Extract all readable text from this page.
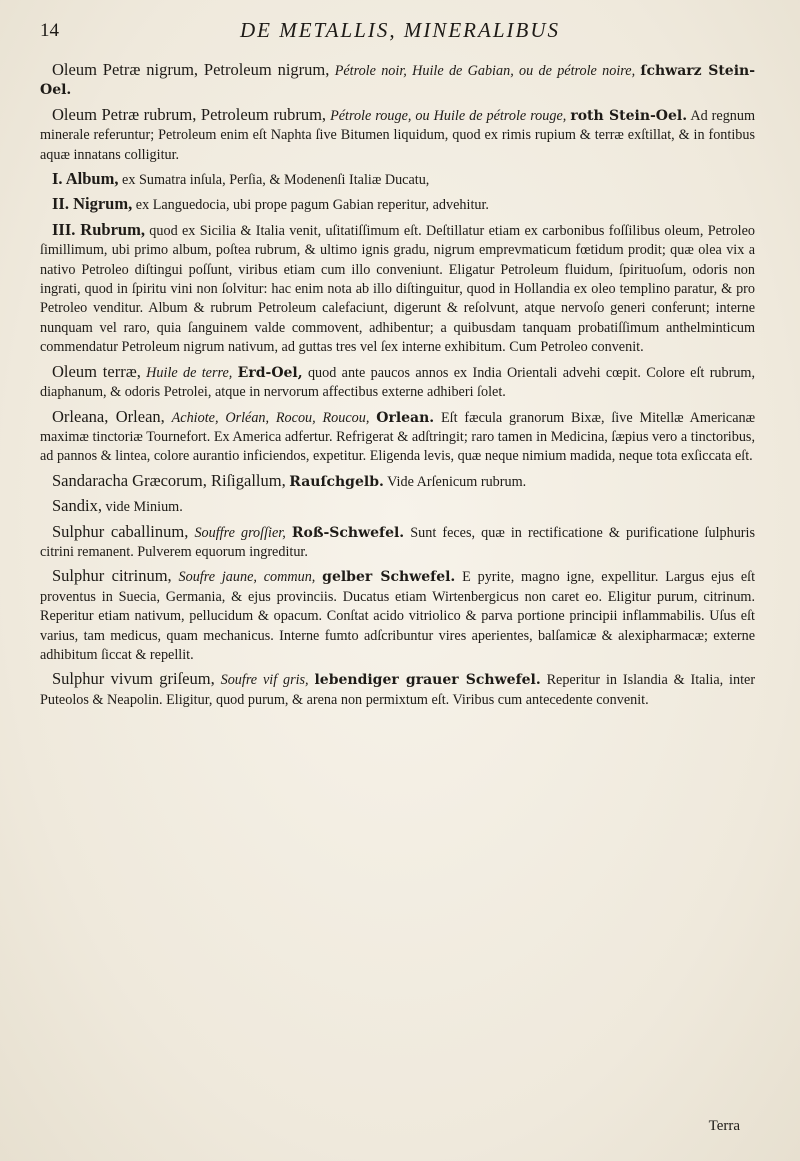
14	DE METALLIS, MINERALIBUS

Oleum Petræ nigrum, Petroleum nigrum, Pétrole noir, Huile de Gabian, ou de pétrole noire, ſchwarz Stein-Oel.

Oleum Petræ rubrum, Petroleum rubrum, Pétrole rouge, ou Huile de pétrole rouge, roth Stein-Oel. Ad regnum minerale referuntur; Petroleum enim eſt Naphta ſive Bitumen liquidum, quod ex rimis rupium & terræ exſtillat, & in fontibus aquæ innatans colligitur.

I. Album, ex Sumatra inſula, Perſia, & Modenenſi Italiæ Ducatu,

II. Nigrum, ex Languedocia, ubi prope pagum Gabian reperitur, advehitur.

III. Rubrum, quod ex Sicilia & Italia venit, uſitatiſſimum eſt. Deſtillatur etiam ex carbonibus foſſilibus oleum, Petroleo ſimillimum, ubi primo album, poſtea rubrum, & ultimo ignis gradu, nigrum emprevmaticum fœtidum prodit; quæ olea vix a nativo Petroleo diſtingui poſſunt, viribus etiam cum illo conveniunt. Eligatur Petroleum fluidum, ſpirituoſum, odoris non ingrati, quod in ſpiritu vini non ſolvitur: hac enim nota ab illo diſtinguitur, quod in Hollandia ex oleo templino paratur, & pro Petroleo venditur. Album & rubrum Petroleum calefaciunt, digerunt & reſolvunt, atque nervoſo generi conferunt; interne nunquam vel raro, quia ſanguinem valde commovent, adhibentur; a quibusdam tanquam probatiſſimum anthelminticum commendatur Petroleum nigrum nativum, ad guttas tres vel ſex interne exhibitum. Cum Petroleo convenit.

Oleum terræ, Huile de terre, Erd-Oel, quod ante paucos annos ex India Orientali advehi cœpit. Colore eſt rubrum, diaphanum, & odoris Petrolei, atque in nervorum affectibus externe adhiberi ſolet.

Orleana, Orlean, Achiote, Orléan, Rocou, Roucou, Orlean. Eſt fæcula granorum Bixæ, ſive Mitellæ Americanæ maximæ tinctoriæ Tournefort. Ex America adfertur. Refrigerat & adſtringit; raro tamen in Medicina, ſæpius vero a tinctoribus, ad pannos & lintea, colore aurantio inficiendos, expetitur. Eligenda levis, quæ neque nimium madida, neque tota exſiccata eſt.

Sandaracha Græcorum, Riſigallum, Rauſchgelb. Vide Arſenicum rubrum.

Sandix, vide Minium.

Sulphur caballinum, Souffre groſſier, Roß-Schwefel. Sunt feces, quæ in rectificatione & purificatione ſulphuris citrini remanent. Pulverem equorum ingreditur.

Sulphur citrinum, Soufre jaune, commun, gelber Schwefel. E pyrite, magno igne, expellitur. Largus ejus eſt proventus in Suecia, Germania, & ejus provinciis. Ducatus etiam Wirtenbergicus non caret eo. Eligitur purum, citrinum. Reperitur etiam nativum, pellucidum & opacum. Conſtat acido vitriolico & parva portione principii inflammabilis. Uſus eſt varius, tam medicus, quam mechanicus. Interne fumto adſcribuntur vires aperientes, balſamicæ & alexipharmacæ; externe adhibitum ſiccat & repellit.

Sulphur vivum griſeum, Soufre vif gris, lebendiger grauer Schwefel. Reperitur in Islandia & Italia, inter Puteolos & Neapolin. Eligitur, quod purum, & arena non permixtum eſt. Viribus cum antecedente convenit.

Terra
